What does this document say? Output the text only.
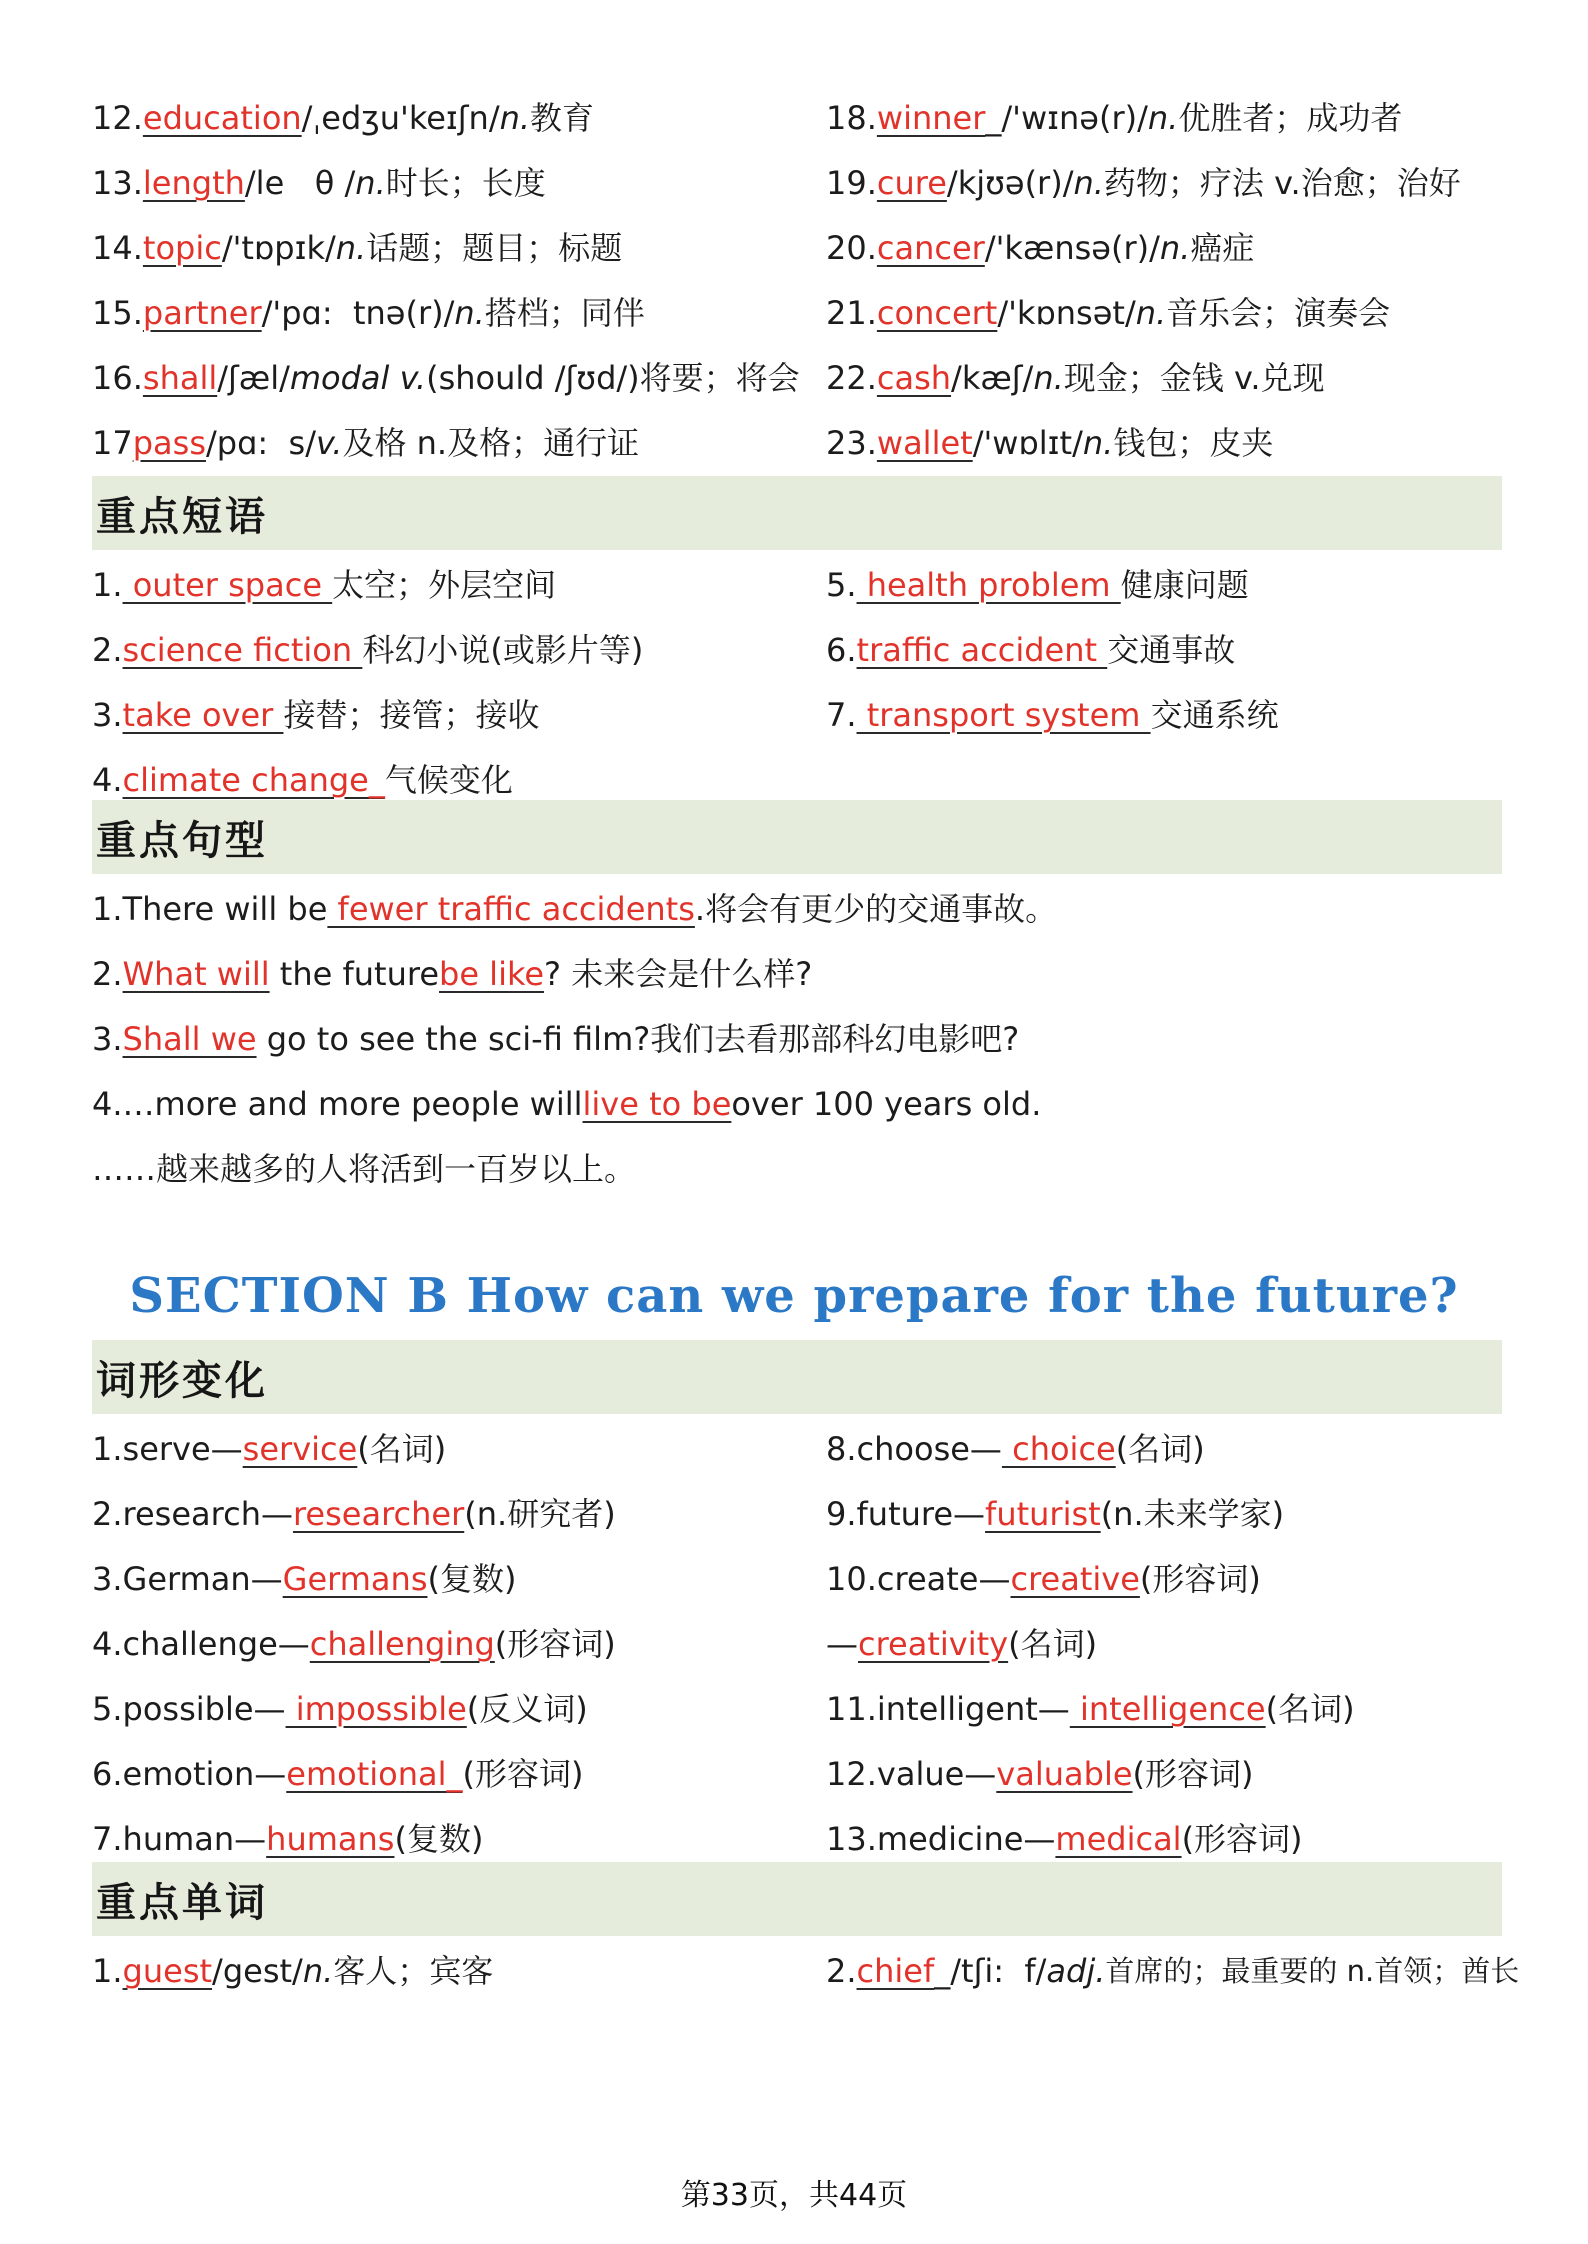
12. education /ˌedʒu'keɪʃn/ n. 教育	18. winner _/'wɪnə(r)/ n. 优胜者；成功者
13. length /le   θ / n. 时长；长度	19. cure /kjʊə(r)/ n. 药物；疗法 v.治愈；治好
14. topic /'tɒpɪk/ n. 话题；题目；标题	20. cancer /'kænsə(r)/ n. 癌症
15. partner /'pɑ:  tnə(r)/ n. 搭档；同伴	21. concert /'kɒnsət/ n. 音乐会；演奏会
16. shall /ʃæl/ modal v. (should /ʃʊd/)将要；将会 22. cash /kæʃ/ n. 现金；金钱 v.兑现
17 pass /pɑ:  s/ v. 及格 n.及格；通行证	23. wallet /'wɒlɪt/ n. 钱包；皮夹
重点短语
1. outer space 太空；外层空间	5. health problem 健康问题
2. science fiction 科幻小说(或影片等)	6. traffic accident 交通事故
3. take over 接替；接管；接收	7. transport system 交通系统
4. climate change_ 气候变化
重点句型
1.There will be fewer traffic accidents .将会有更少的交通事故。
2. What will the future be like ? 未来会是什么样?
3. Shall we go to see the sci-fi film?我们去看那部科幻电影吧?
4.…more and more people will live to be over 100 years old.
……越来越多的人将活到一百岁以上。
SECTION B How can we prepare for the future?
词形变化
1.serve— service (名词)	8.choose— choice (名词)
2.research— researcher (n.研究者)	9.future— futurist (n.未来学家)
3.German— Germans (复数)	10.create— creative (形容词)
4.challenge— challenging (形容词)	— creativity (名词)
5.possible— impossible (反义词)	11.intelligent— intelligence (名词)
6.emotion— emotional_ (形容词)	12.value— valuable (形容词)
7.human— humans (复数)	13.medicine— medical (形容词)
重点单词
1. guest /gest/ n. 客人；宾客	2. chief _/tʃi:  f/ adj. 首席的；最重要的 n.首领；酋长
第33页，共44页
